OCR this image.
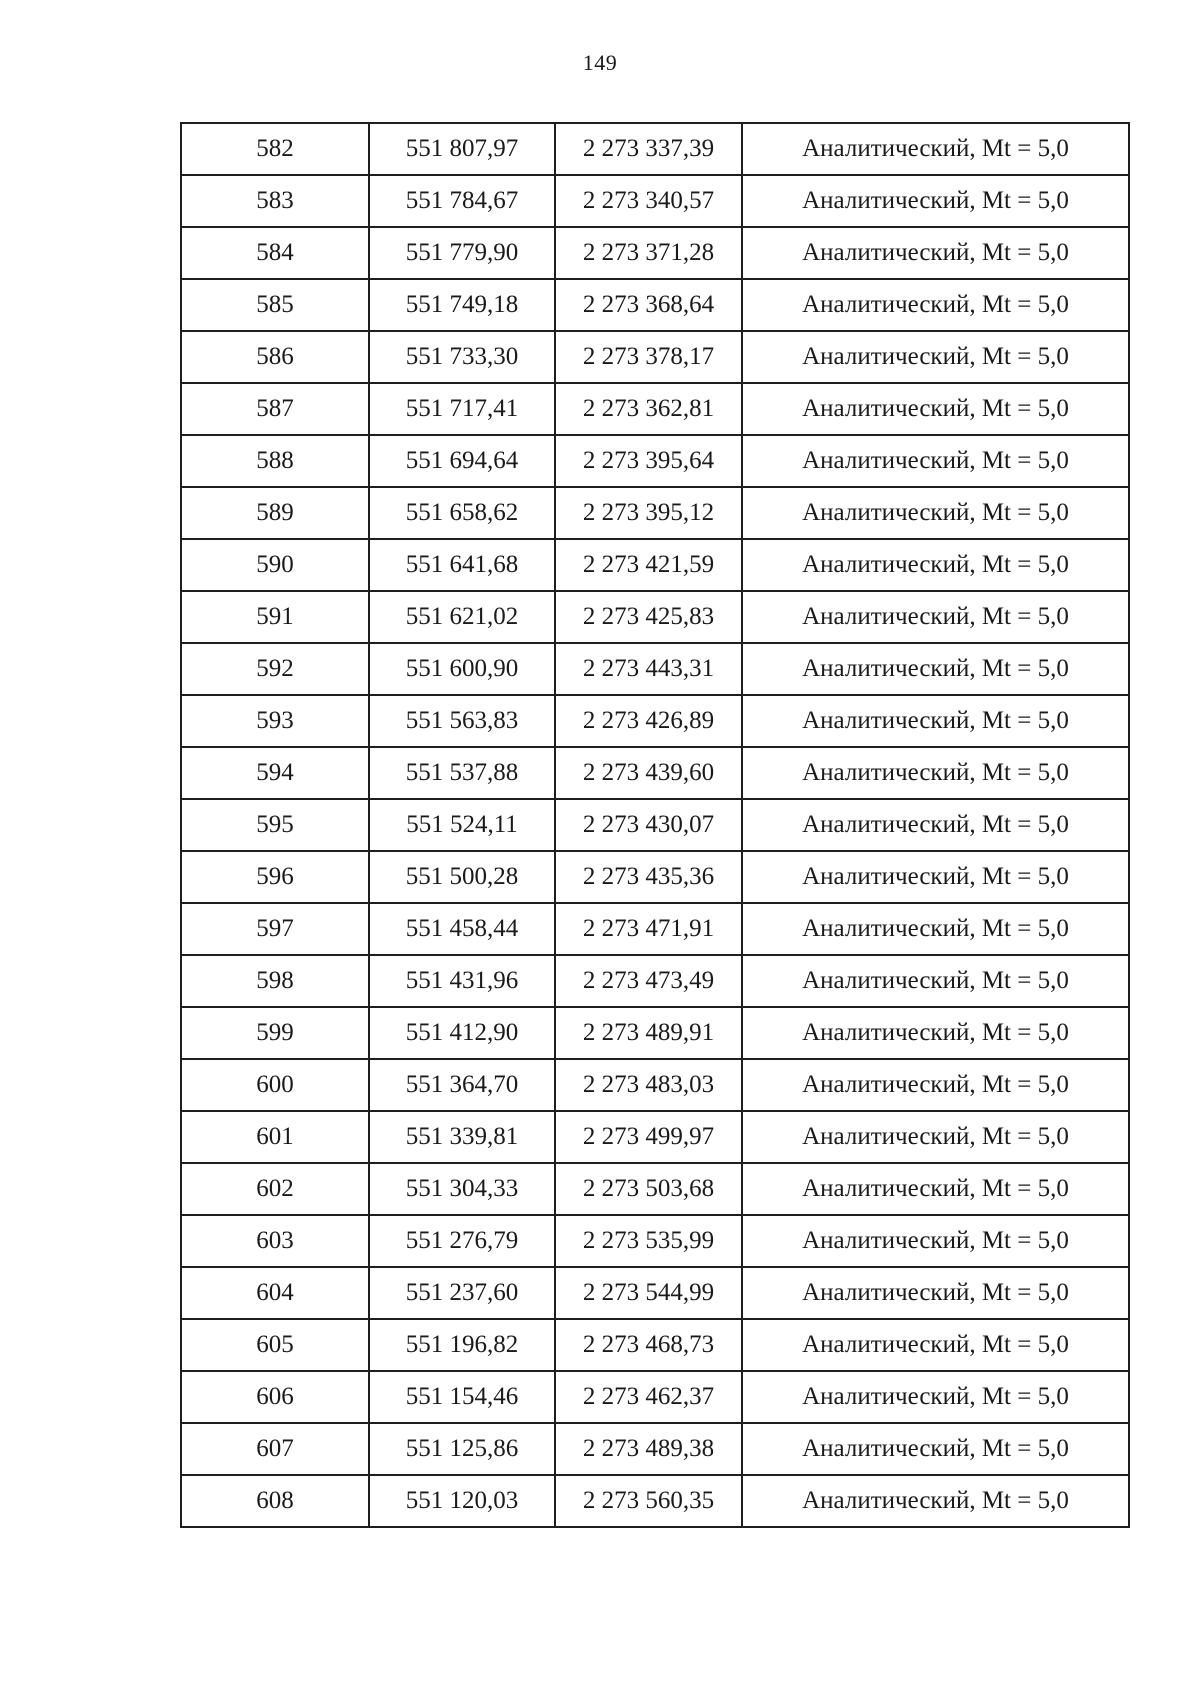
149
582	551 807,97	2 273 337,39	Аналитический, Mt = 5,0
583	551 784,67	2 273 340,57	Аналитический, Mt = 5,0
584	551 779,90	2 273 371,28	Аналитический, Mt = 5,0
585	551 749,18	2 273 368,64	Аналитический, Mt = 5,0
586	551 733,30	2 273 378,17	Аналитический, Mt = 5,0
587	551 717,41	2 273 362,81	Аналитический, Mt = 5,0
588	551 694,64	2 273 395,64	Аналитический, Mt = 5,0
589	551 658,62	2 273 395,12	Аналитический, Mt = 5,0
590	551 641,68	2 273 421,59	Аналитический, Mt = 5,0
591	551 621,02	2 273 425,83	Аналитический, Mt = 5,0
592	551 600,90	2 273 443,31	Аналитический, Mt = 5,0
593	551 563,83	2 273 426,89	Аналитический, Mt = 5,0
594	551 537,88	2 273 439,60	Аналитический, Mt = 5,0
595	551 524,11	2 273 430,07	Аналитический, Mt = 5,0
596	551 500,28	2 273 435,36	Аналитический, Mt = 5,0
597	551 458,44	2 273 471,91	Аналитический, Mt = 5,0
598	551 431,96	2 273 473,49	Аналитический, Mt = 5,0
599	551 412,90	2 273 489,91	Аналитический, Mt = 5,0
600	551 364,70	2 273 483,03	Аналитический, Mt = 5,0
601	551 339,81	2 273 499,97	Аналитический, Mt = 5,0
602	551 304,33	2 273 503,68	Аналитический, Mt = 5,0
603	551 276,79	2 273 535,99	Аналитический, Mt = 5,0
604	551 237,60	2 273 544,99	Аналитический, Mt = 5,0
605	551 196,82	2 273 468,73	Аналитический, Mt = 5,0
606	551 154,46	2 273 462,37	Аналитический, Mt = 5,0
607	551 125,86	2 273 489,38	Аналитический, Mt = 5,0
608	551 120,03	2 273 560,35	Аналитический, Mt = 5,0
